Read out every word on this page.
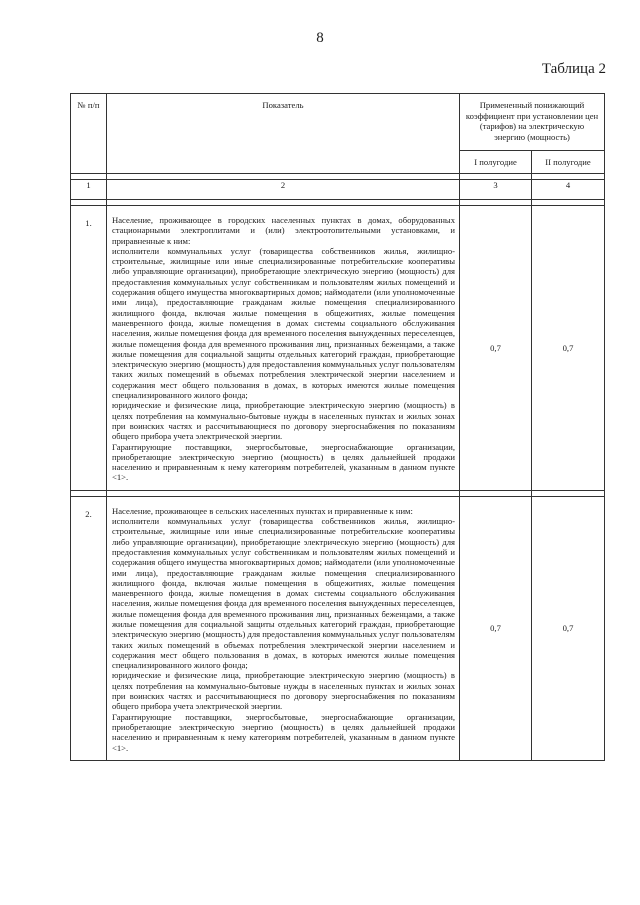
8
Таблица 2
№ п/п	Показатель	Примененный понижающий коэффициент при установлении цен (тарифов) на электрическую энергию (мощность)	
		I полугодие	II полугодие

1	2	3	4

1.	Население, проживающее в городских населенных пунктах в домах, оборудованных стационарными электроплитами и (или) электроотопительными установками, и приравненные к ним:

исполнители коммунальных услуг (товарищества собственников жилья, жилищно-строительные, жилищные или иные специализированные потребительские кооперативы либо управляющие организации), приобретающие электрическую энергию (мощность) для предоставления коммунальных услуг собственникам и пользователям жилых помещений и содержания общего имущества многоквартирных домов; наймодатели (или уполномоченные ими лица), предоставляющие гражданам жилые помещения специализированного жилищного фонда, включая жилые помещения в общежитиях, жилые помещения маневренного фонда, жилые помещения в домах системы социального обслуживания населения, жилые помещения фонда для временного поселения вынужденных переселенцев, жилые помещения фонда для временного проживания лиц, признанных беженцами, а также жилые помещения для социальной защиты отдельных категорий граждан, приобретающие электрическую энергию (мощность) для предоставления коммунальных услуг пользователям таких жилых помещений в объемах потребления электрической энергии населением и содержания мест общего пользования в домах, в которых имеются жилые помещения специализированного жилого фонда;

юридические и физические лица, приобретающие электрическую энергию (мощность) в целях потребления на коммунально-бытовые нужды в населенных пунктах и жилых зонах при воинских частях и рассчитывающиеся по договору энергоснабжения по показаниям общего прибора учета электрической энергии.

Гарантирующие поставщики, энергосбытовые, энергоснабжающие организации, приобретающие электрическую энергию (мощность) в целях дальнейшей продажи населению и приравненным к нему категориям потребителей, указанным в данном пункте <1>.	0,7	0,7

2.	Население, проживающее в сельских населенных пунктах и приравненные к ним:

исполнители коммунальных услуг (товарищества собственников жилья, жилищно-строительные, жилищные или иные специализированные потребительские кооперативы либо управляющие организации), приобретающие электрическую энергию (мощность) для предоставления коммунальных услуг собственникам и пользователям жилых помещений и содержания общего имущества многоквартирных домов; наймодатели (или уполномоченные ими лица), предоставляющие гражданам жилые помещения специализированного жилищного фонда, включая жилые помещения в общежитиях, жилые помещения маневренного фонда, жилые помещения в домах системы социального обслуживания населения, жилые помещения фонда для временного поселения вынужденных переселенцев, жилые помещения фонда для временного проживания лиц, признанных беженцами, а также жилые помещения для социальной защиты отдельных категорий граждан, приобретающие электрическую энергию (мощность) для предоставления коммунальных услуг пользователям таких жилых помещений в объемах потребления электрической энергии населением и содержания мест общего пользования в домах, в которых имеются жилые помещения специализированного жилого фонда;

юридические и физические лица, приобретающие электрическую энергию (мощность) в целях потребления на коммунально-бытовые нужды в населенных пунктах и жилых зонах при воинских частях и рассчитывающиеся по договору энергоснабжения по показаниям общего прибора учета электрической энергии.

Гарантирующие поставщики, энергосбытовые, энергоснабжающие организации, приобретающие электрическую энергию (мощность) в целях дальнейшей продажи населению и приравненным к нему категориям потребителей, указанным в данном пункте <1>.	0,7	0,7
